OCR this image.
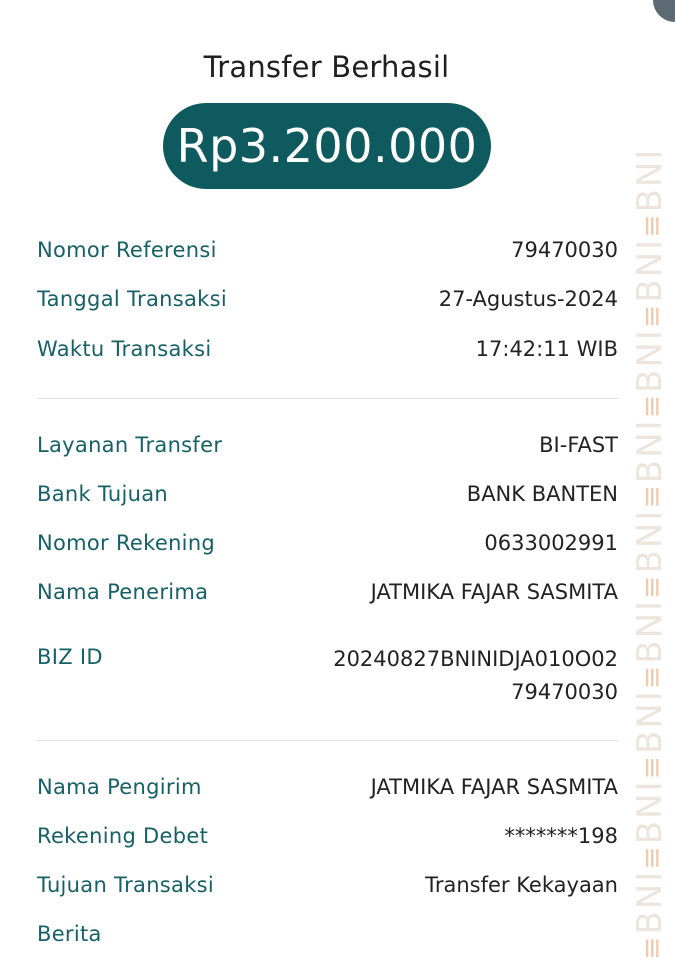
Transfer Berhasil
Rp3.200.000
Nomor Referensi	79470030
Tanggal Transaksi	27-Agustus-2024
Waktu Transaksi	17:42:11 WIB
Layanan Transfer	BI-FAST
Bank Tujuan	BANK BANTEN
Nomor Rekening	0633002991
Nama Penerima	JATMIKA FAJAR SASMITA
BIZ ID	20240827BNINIDJA010O02
79470030
Nama Pengirim	JATMIKA FAJAR SASMITA
Rekening Debet	*******198
Tujuan Transaksi	Transfer Kekayaan
Berita
≡BNI≡BNI≡BNI≡BNI≡BNI≡BNI≡BNI≡BNI≡BNI
